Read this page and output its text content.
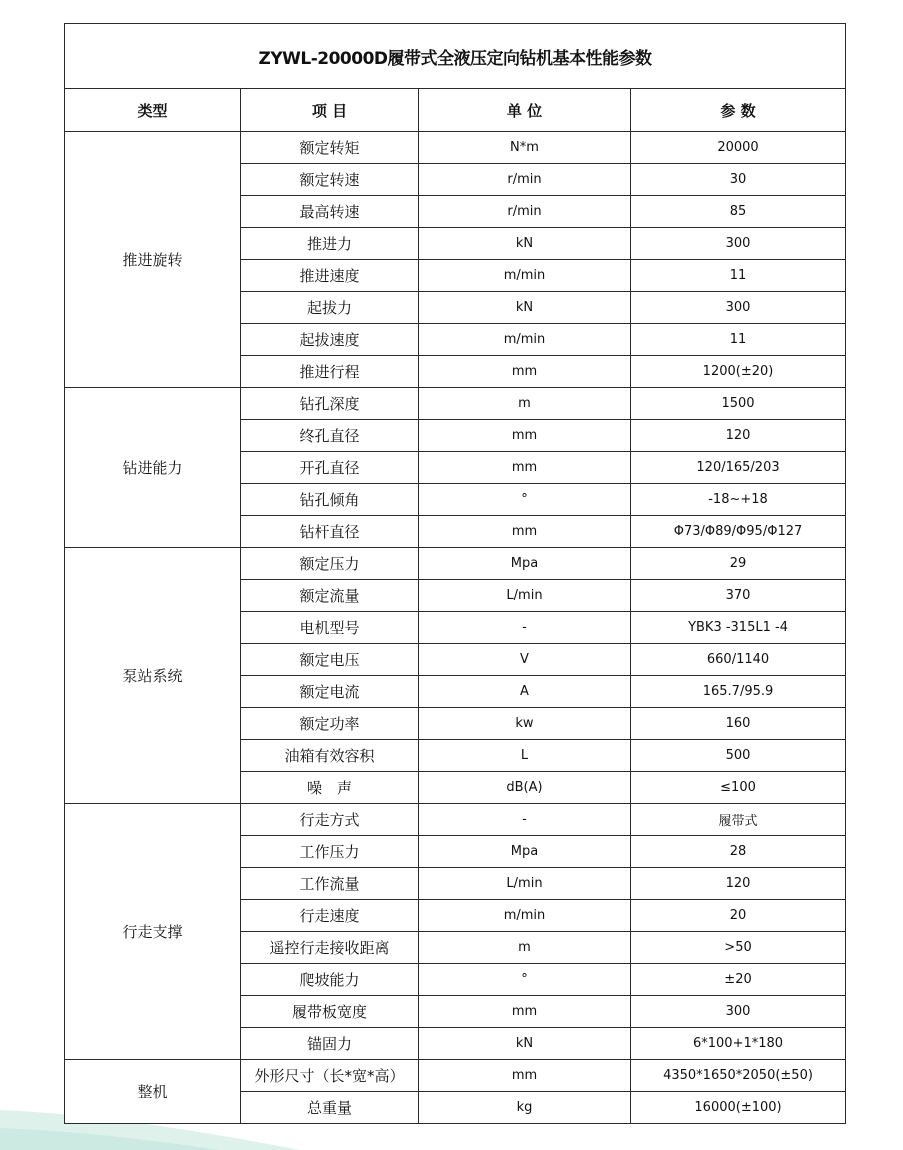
ZYWL-20000D履带式全液压定向钻机基本性能参数			
类型	项 目	单 位	参 数
推进旋转	额定转矩	N*m	20000
	额定转速	r/min	30
	最高转速	r/min	85
	推进力	kN	300
	推进速度	m/min	11
	起拔力	kN	300
	起拔速度	m/min	11
	推进行程	mm	1200(±20)
钻进能力	钻孔深度	m	1500
	终孔直径	mm	120
	开孔直径	mm	120/165/203
	钻孔倾角	°	-18~+18
	钻杆直径	mm	Φ73/Φ89/Φ95/Φ127
泵站系统	额定压力	Mpa	29
	额定流量	L/min	370
	电机型号	-	YBK3 -315L1 -4
	额定电压	V	660/1140
	额定电流	A	165.7/95.9
	额定功率	kw	160
	油箱有效容积	L	500
	噪　声	dB(A)	≤100
行走支撑	行走方式	-	履带式
	工作压力	Mpa	28
	工作流量	L/min	120
	行走速度	m/min	20
	遥控行走接收距离	m	>50
	爬坡能力	°	±20
	履带板宽度	mm	300
	锚固力	kN	6*100+1*180
整机	外形尺寸（长*宽*高）	mm	4350*1650*2050(±50)
	总重量	kg	16000(±100)
